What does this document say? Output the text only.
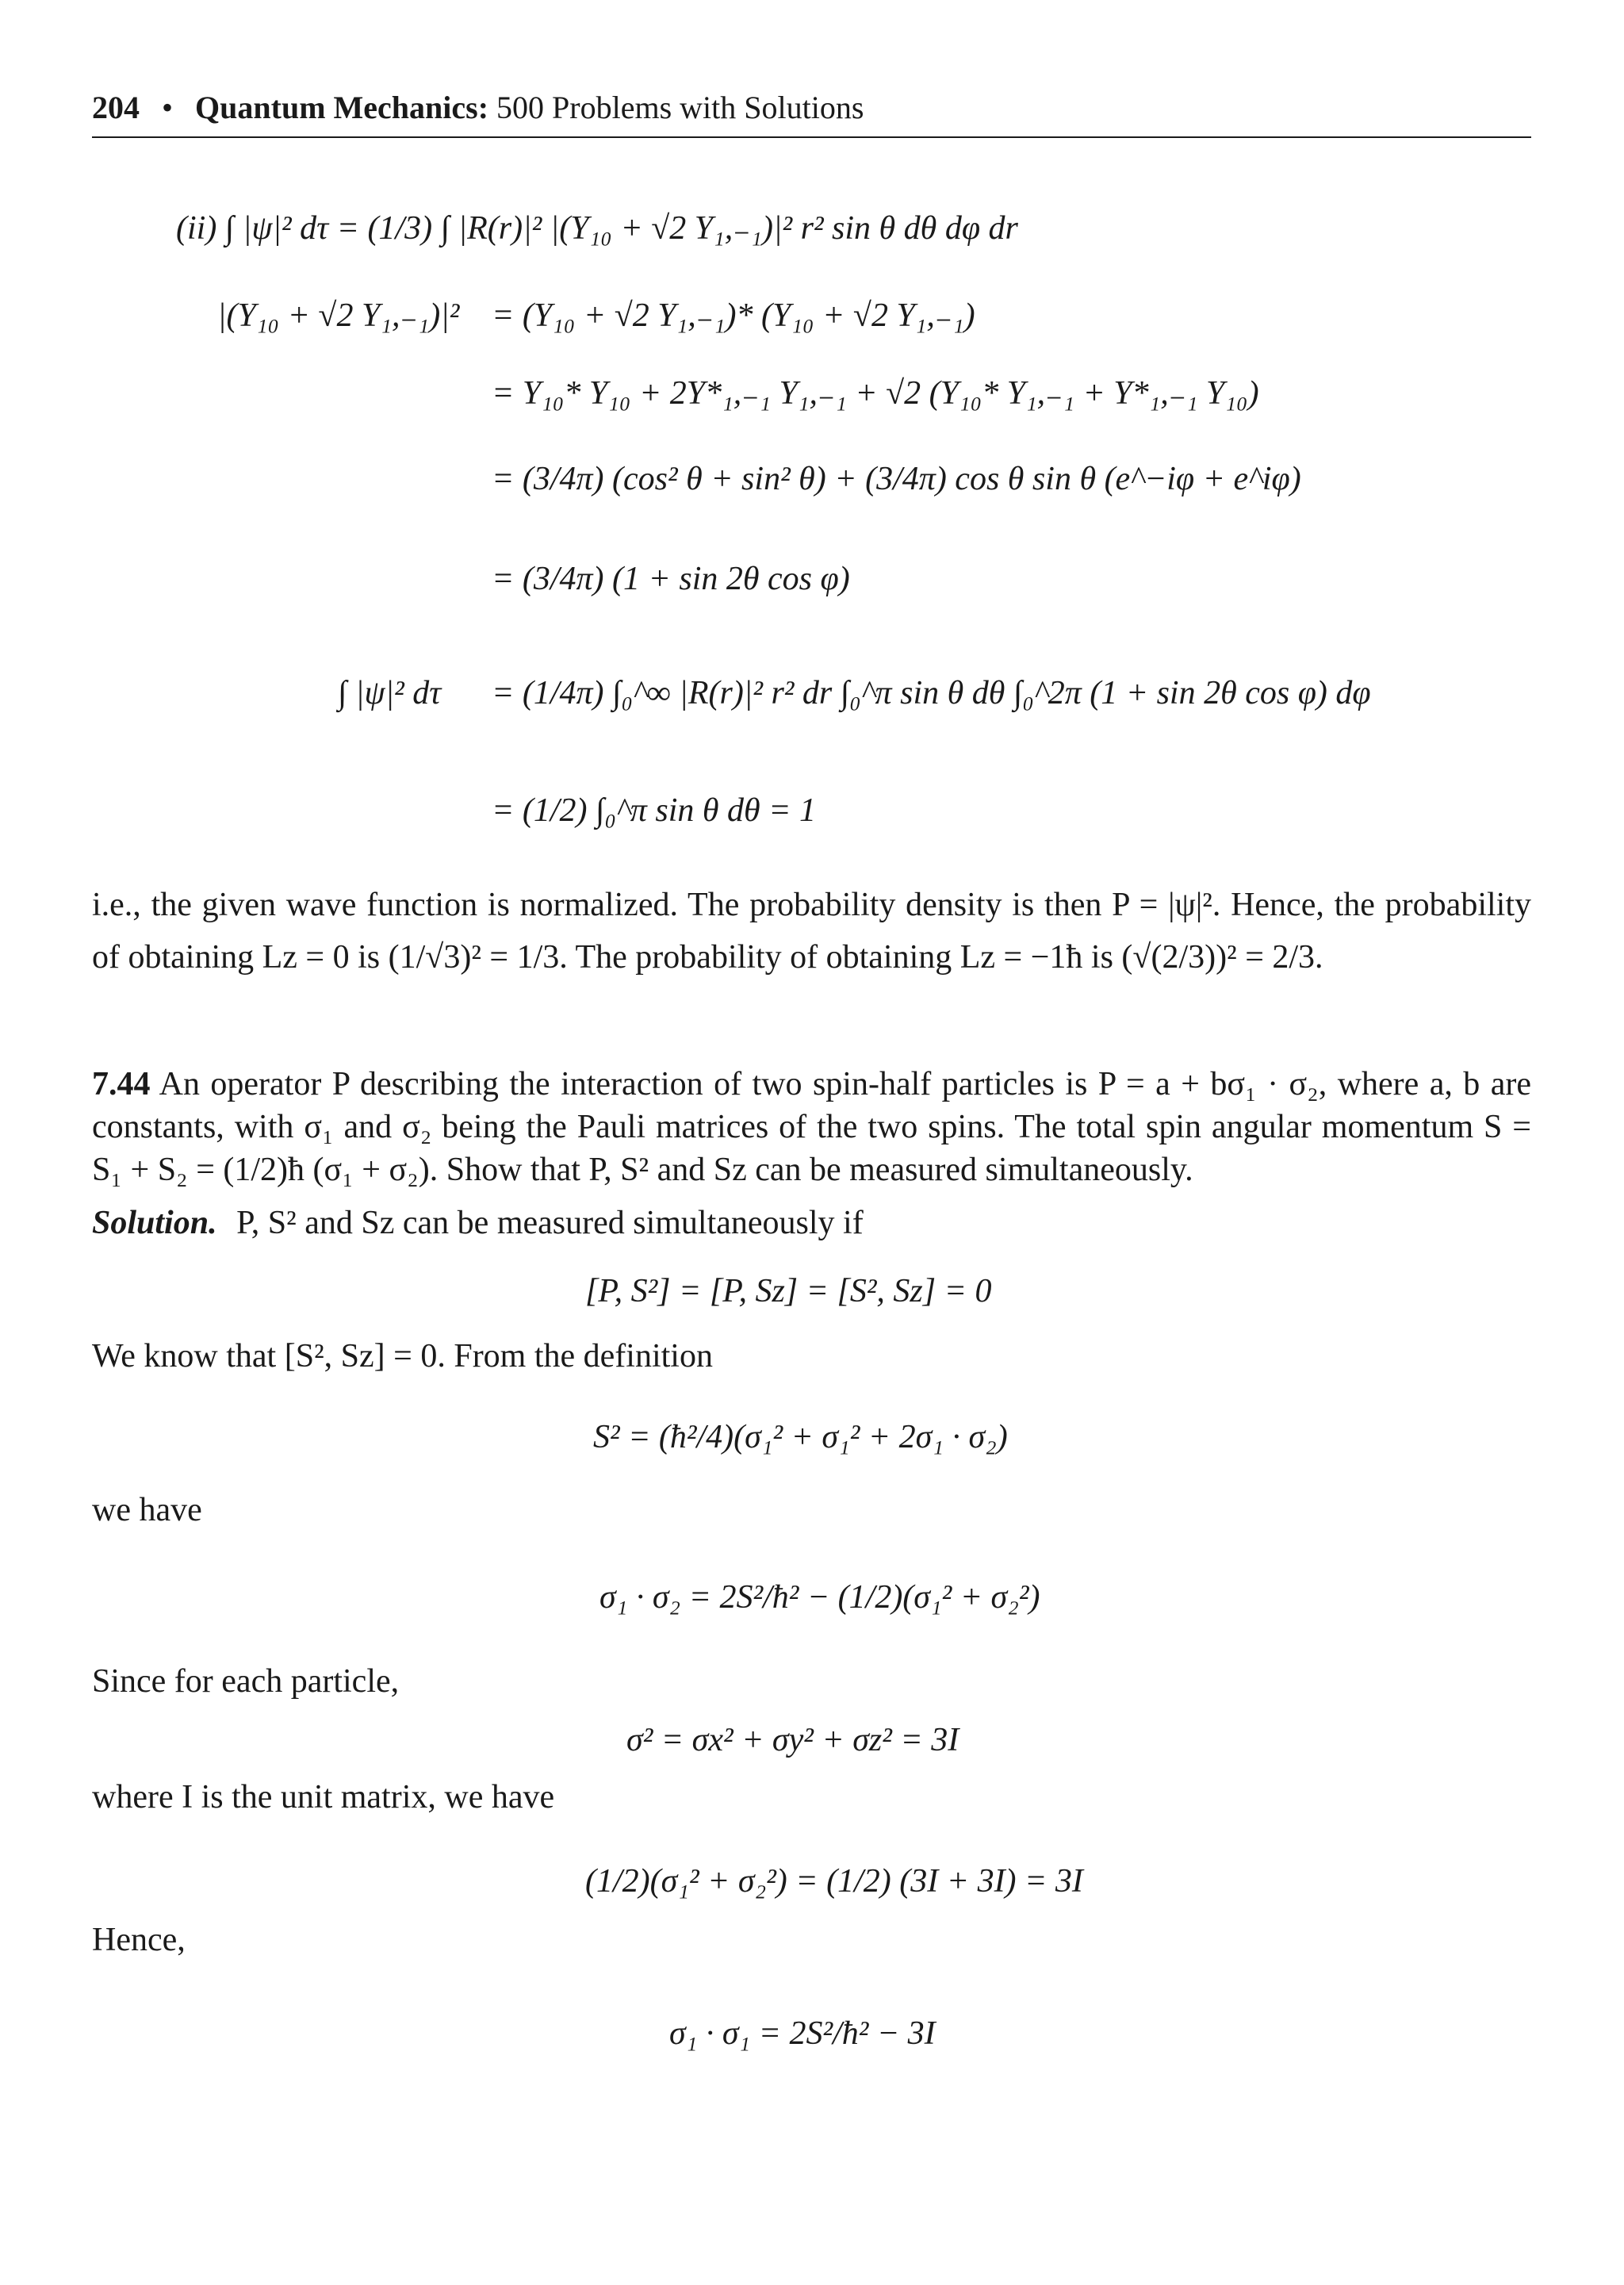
204 • Quantum Mechanics: 500 Problems with Solutions
(ii) ∫ |ψ|² dτ = (1/3) ∫ |R(r)|² |(Y₁₀ + √2 Y₁,₋₁)|² r² sin θ dθ dφ dr
|(Y₁₀ + √2 Y₁,₋₁)|² = (Y₁₀ + √2 Y₁,₋₁)* (Y₁₀ + √2 Y₁,₋₁)
= Y₁₀* Y₁₀ + 2Y*₁,₋₁ Y₁,₋₁ + √2 (Y₁₀* Y₁,₋₁ + Y*₁,₋₁ Y₁₀)
= (3/4π) (cos² θ + sin² θ) + (3/4π) cos θ sin θ (e^−iφ + e^iφ)
= (3/4π) (1 + sin 2θ cos φ)
∫ |ψ|² dτ = (1/4π) ∫₀^∞ |R(r)|² r² dr ∫₀^π sin θ dθ ∫₀^2π (1 + sin 2θ cos φ) dφ
= (1/2) ∫₀^π sin θ dθ = 1
i.e., the given wave function is normalized. The probability density is then P = |ψ|². Hence, the probability of obtaining Lz = 0 is (1/√3)² = 1/3. The probability of obtaining Lz = −1ħ is (√(2/3))² = 2/3.
7.44 An operator P describing the interaction of two spin-half particles is P = a + bσ₁ · σ₂, where a, b are constants, with σ₁ and σ₂ being the Pauli matrices of the two spins. The total spin angular momentum S = S₁ + S₂ = (1/2)ħ (σ₁ + σ₂). Show that P, S² and Sz can be measured simultaneously.
Solution. P, S² and Sz can be measured simultaneously if
[P, S²] = [P, Sz] = [S², Sz] = 0
We know that [S², Sz] = 0. From the definition
S² = (ħ²/4)(σ₁² + σ₁² + 2σ₁ · σ₂)
we have
σ₁ · σ₂ = 2S²/ħ² − (1/2)(σ₁² + σ₂²)
Since for each particle,
σ² = σx² + σy² + σz² = 3I
where I is the unit matrix, we have
(1/2)(σ₁² + σ₂²) = (1/2) (3I + 3I) = 3I
Hence,
σ₁ · σ₁ = 2S²/ħ² − 3I
